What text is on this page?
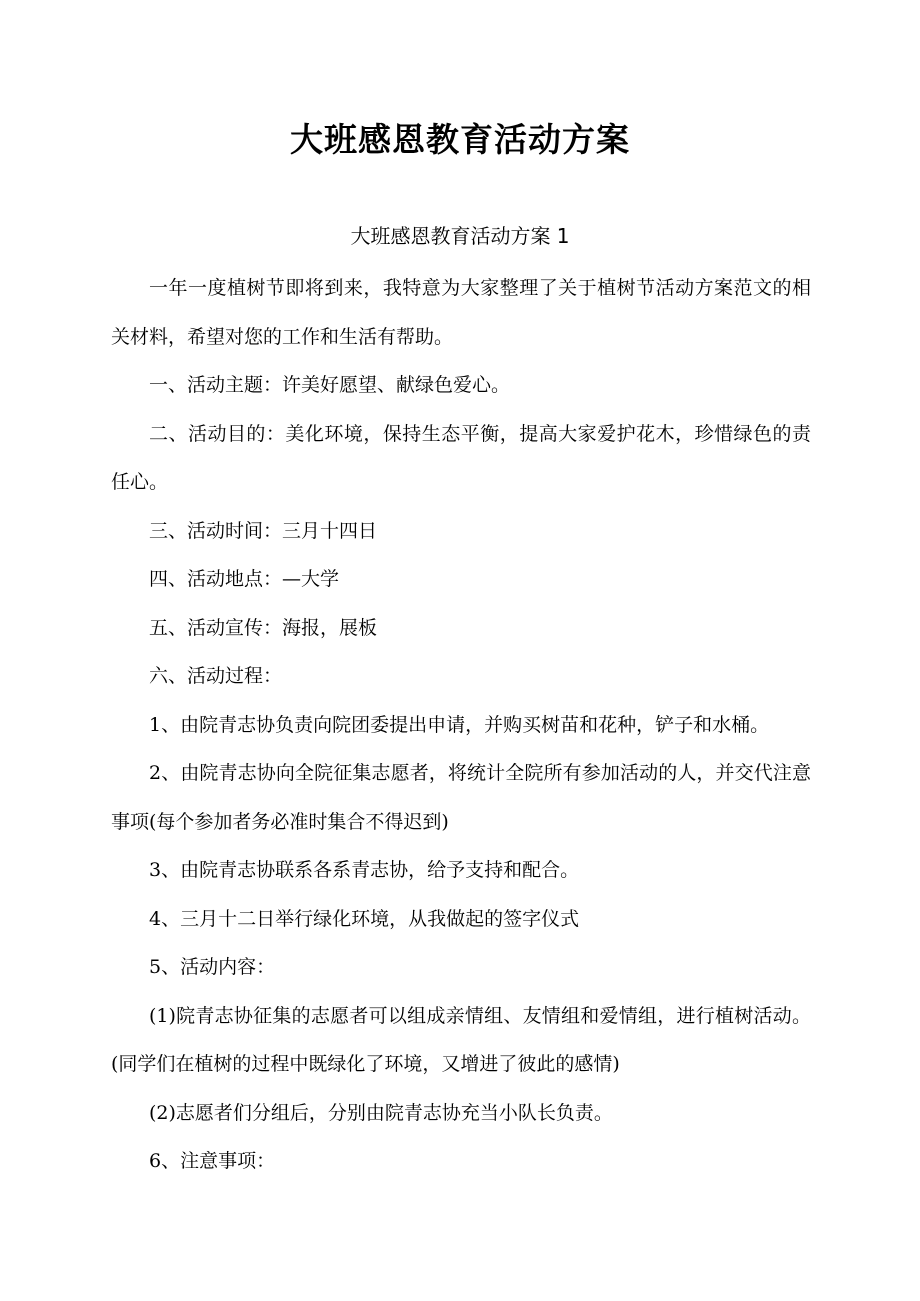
大班感恩教育活动方案
大班感恩教育活动方案 1

一年一度植树节即将到来，我特意为大家整理了关于植树节活动方案范文的相关材料，希望对您的工作和生活有帮助。

一、活动主题：许美好愿望、献绿色爱心。

二、活动目的：美化环境，保持生态平衡，提高大家爱护花木，珍惜绿色的责任心。

三、活动时间：三月十四日

四、活动地点：—大学

五、活动宣传：海报，展板

六、活动过程：

1、由院青志协负责向院团委提出申请，并购买树苗和花种，铲子和水桶。

2、由院青志协向全院征集志愿者，将统计全院所有参加活动的人，并交代注意事项(每个参加者务必准时集合不得迟到)

3、由院青志协联系各系青志协，给予支持和配合。

4、三月十二日举行绿化环境，从我做起的签字仪式

5、活动内容：

(1)院青志协征集的志愿者可以组成亲情组、友情组和爱情组，进行植树活动。(同学们在植树的过程中既绿化了环境，又增进了彼此的感情)

(2)志愿者们分组后，分别由院青志协充当小队长负责。

6、注意事项：
